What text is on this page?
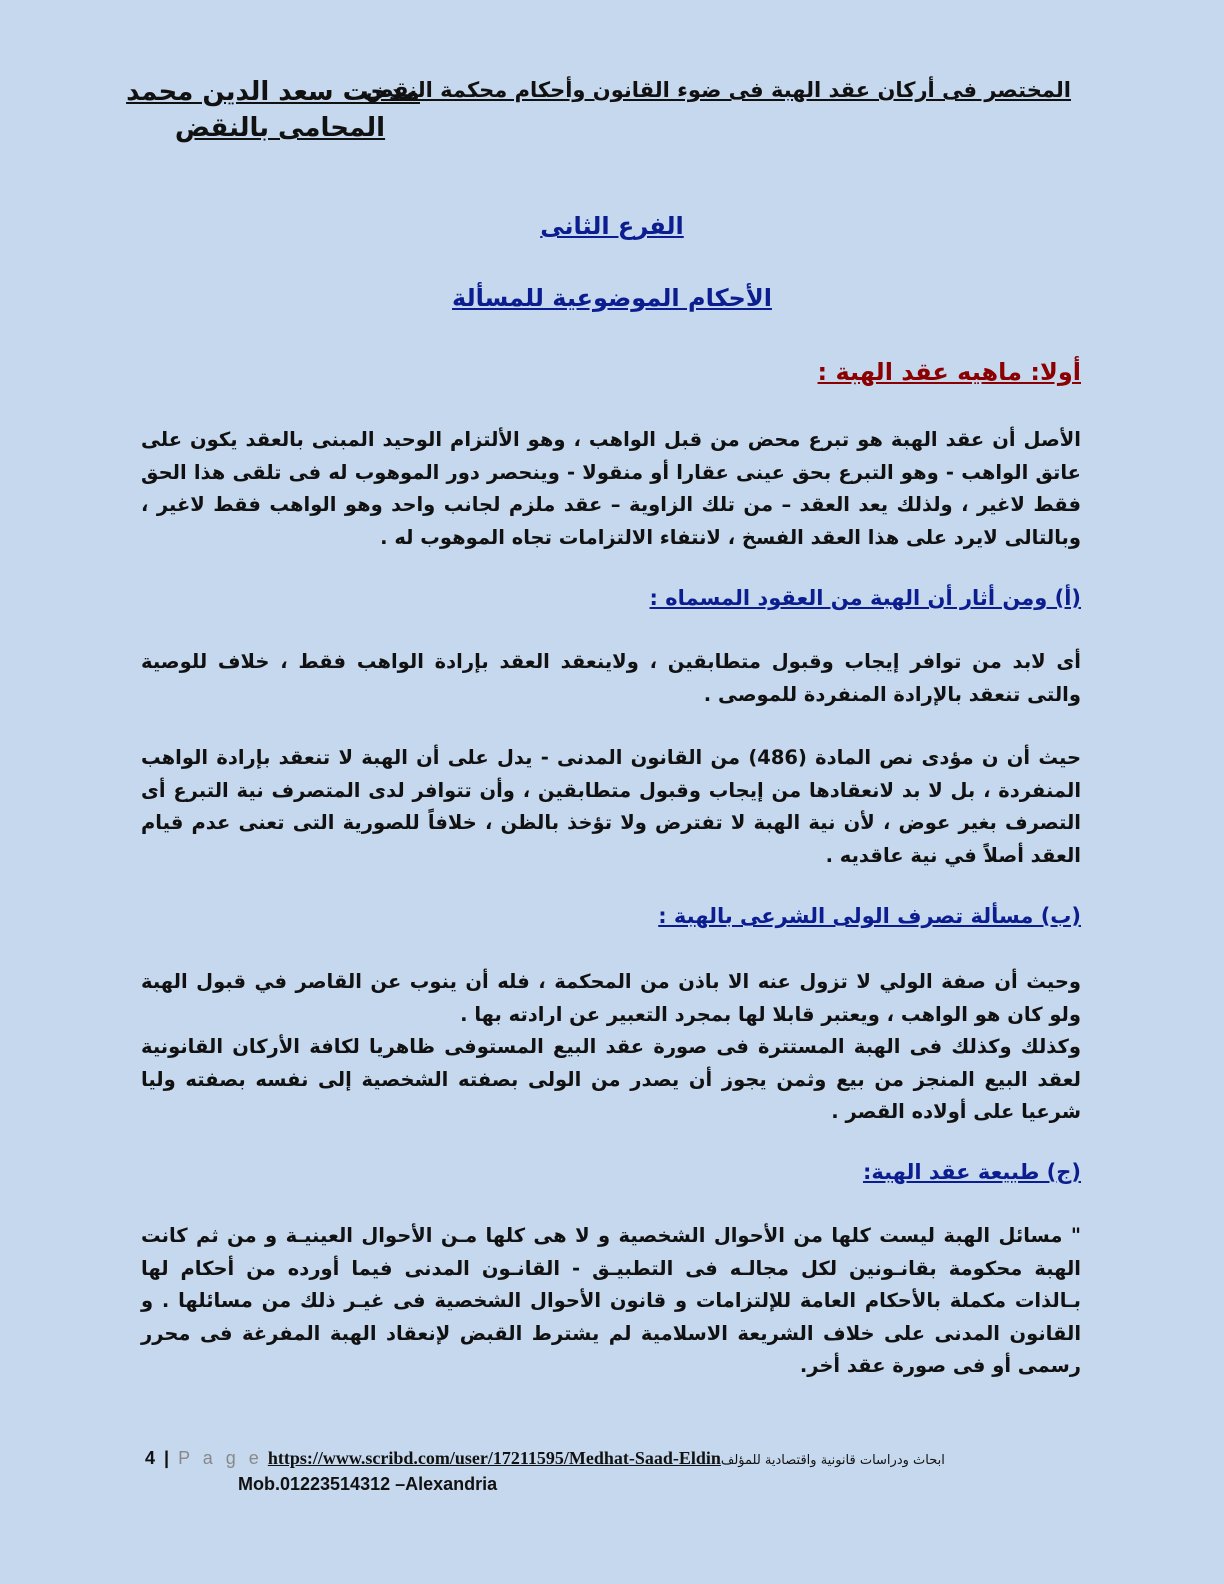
المختصر فى أركان عقد الهبة فى ضوء القانون وأحكام محكمة النقض
مدحت سعد الدين محمد
المحامى بالنقض
الفرع الثانى
الأحكام الموضوعية للمسألة
أولا: ماهيه عقد الهبة :
الأصل أن عقد الهبة هو تبرع محض من قبل الواهب ، وهو الألتزام الوحيد المبنى بالعقد يكون على عاتق الواهب - وهو التبرع بحق عينى عقارا أو منقولا - وينحصر دور الموهوب له فى تلقى هذا الحق فقط لاغير ، ولذلك يعد العقد – من تلك الزاوية – عقد ملزم لجانب واحد وهو الواهب فقط لاغير ، وبالتالى لايرد على هذا العقد الفسخ ، لانتفاء الالتزامات تجاه الموهوب له .
(أ) ومن أثار أن الهبة من العقود المسماه :
أى لابد من توافر إيجاب وقبول متطابقين ، ولاينعقد العقد بإرادة الواهب فقط ، خلاف للوصية والتى تنعقد بالإرادة المنفردة للموصى .
حيث أن ن مؤدى نص المادة (486) من القانون المدنى - يدل على أن الهبة لا تنعقد بإرادة الواهب المنفردة ، بل لا بد لانعقادها من إيجاب وقبول متطابقين ، وأن تتوافر لدى المتصرف نية التبرع أى التصرف بغير عوض ، لأن نية الهبة لا تفترض ولا تؤخذ بالظن ، خلافاً للصورية التى تعنى عدم قيام العقد أصلاً في نية عاقديه .
(ب) مسألة تصرف الولى الشرعى بالهبة :
وحيث أن صفة الولي لا تزول عنه الا باذن من المحكمة ، فله أن ينوب عن القاصر في قبول الهبة ولو كان هو الواهب ، ويعتبر قابلا لها بمجرد التعبير عن ارادته بها .
وكذلك وكذلك فى الهبة المستترة فى صورة عقد البيع المستوفى ظاهريا لكافة الأركان القانونية لعقد البيع المنجز من بيع وثمن يجوز أن يصدر من الولى بصفته الشخصية إلى نفسه بصفته وليا شرعيا على أولاده القصر .
(ج) طبيعة عقد الهبة:
" مسائل الهبة ليست كلها من الأحوال الشخصية و لا هى كلها مـن الأحوال العينيـة و من ثم كانت الهبة محكومة بقانـونين لكل مجالـه فى التطبيـق - القانـون المدنى فيما أورده من أحكام لها بـالذات مكملة بالأحكام العامة للإلتزامات و قانون الأحوال الشخصية فى غيـر ذلك من مسائلها . و القانون المدنى على خلاف الشريعة الاسلامية لم يشترط القبض لإنعقاد الهبة المفرغة فى محرر رسمى أو فى صورة عقد أخر.
4 | P a g e https://www.scribd.com/user/17211595/Medhat-Saad-Eldinابحاث ودراسات قانونية واقتصادية للمؤلف
Mob.01223514312 –Alexandria
